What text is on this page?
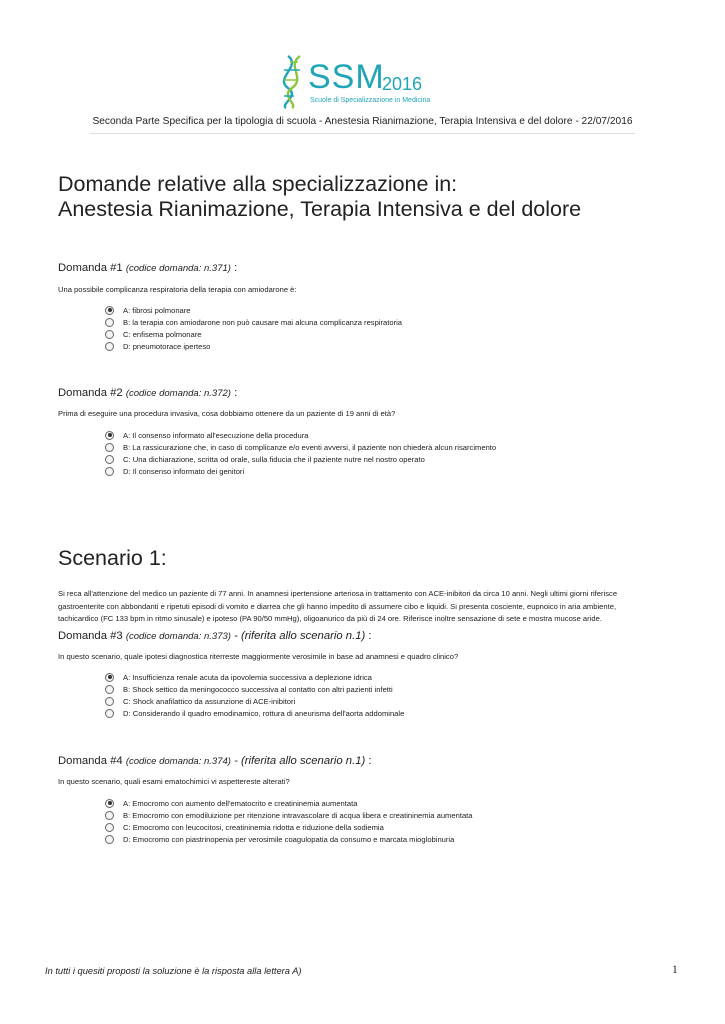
SSM
2016
Scuole di Specializzazione in Medicina
Seconda Parte Specifica per la tipologia di scuola - Anestesia Rianimazione, Terapia Intensiva e del dolore - 22/07/2016
Domande relative alla specializzazione in:
Anestesia Rianimazione, Terapia Intensiva e del dolore
Domanda #1 (codice domanda: n.371) :
Una possibile complicanza respiratoria della terapia con amiodarone è:
A: fibrosi polmonare
B: la terapia con amiodarone non può causare mai alcuna complicanza respiratoria
C: enfisema polmonare
D: pneumotorace iperteso
Domanda #2 (codice domanda: n.372) :
Prima di eseguire una procedura invasiva, cosa dobbiamo ottenere da un paziente di 19 anni di età?
A: Il consenso informato all'esecuzione della procedura
B: La rassicurazione che, in caso di complicanze e/o eventi avversi, il paziente non chiederà alcun risarcimento
C: Una dichiarazione, scritta od orale, sulla fiducia che il paziente nutre nel nostro operato
D: Il consenso informato dei genitori
Scenario 1:
Si reca all'attenzione del medico un paziente di 77 anni. In anamnesi ipertensione arteriosa in trattamento con ACE-inibitori da circa 10 anni. Negli ultimi giorni riferisce
gastroenterite con abbondanti e ripetuti episodi di vomito e diarrea che gli hanno impedito di assumere cibo e liquidi. Si presenta cosciente, eupnoico in aria ambiente,
tachicardico (FC 133 bpm in ritmo sinusale) e ipoteso (PA 90/50 mmHg), oligoanurico da più di 24 ore. Riferisce inoltre sensazione di sete e mostra mucose aride.
Domanda #3 (codice domanda: n.373) - (riferita allo scenario n.1) :
In questo scenario, quale ipotesi diagnostica riterreste maggiormente verosimile in base ad anamnesi e quadro clinico?
A: Insufficienza renale acuta da ipovolemia successiva a deplezione idrica
B: Shock settico da meningococco successiva al contatto con altri pazienti infetti
C: Shock anafilattico da assunzione di ACE-inibitori
D: Considerando il quadro emodinamico, rottura di aneurisma dell'aorta addominale
Domanda #4 (codice domanda: n.374) - (riferita allo scenario n.1) :
In questo scenario, quali esami ematochimici vi aspettereste alterati?
A: Emocromo con aumento dell'ematocrito e creatininemia aumentata
B: Emocromo con emodiluizione per ritenzione intravascolare di acqua libera e creatininemia aumentata
C: Emocromo con leucocitosi, creatininemia ridotta e riduzione della sodiemia
D: Emocromo con piastrinopenia per verosimile coagulopatia da consumo e marcata mioglobinuria
In tutti i quesiti proposti la soluzione è la risposta alla lettera A)	1
